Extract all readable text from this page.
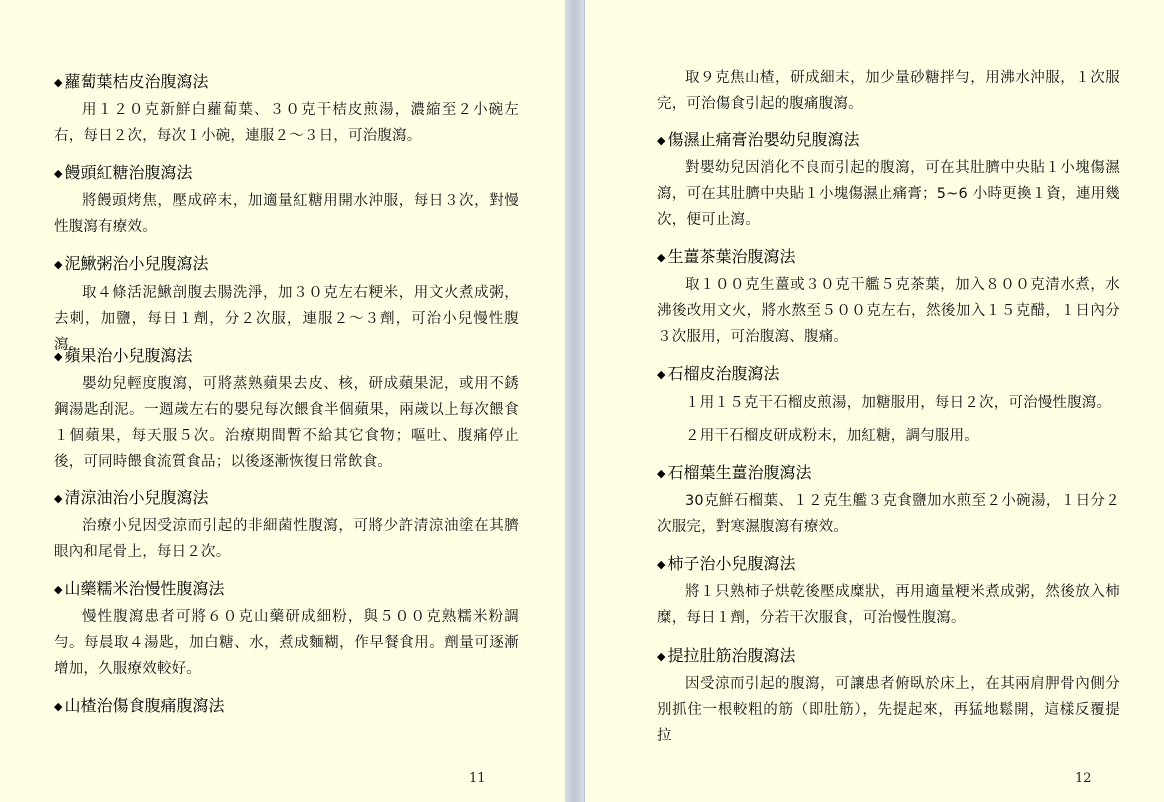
◆ 蘿蔔葉桔皮治腹瀉法

用１２０克新鮮白蘿蔔葉、３０克干桔皮煎湯，濃縮至２小碗左右，每日２次，每次１小碗，連服２～３日，可治腹瀉。

◆ 饅頭紅糖治腹瀉法

將饅頭烤焦，壓成碎末，加適量紅糖用開水沖服，每日３次，對慢性腹瀉有療效。

◆ 泥鰍粥治小兒腹瀉法

取４條活泥鰍剖腹去腸洗淨，加３０克左右粳米，用文火煮成粥，去刺，加鹽，每日１劑，分２次服，連服２～３劑，可治小兒慢性腹瀉。

◆ 蘋果治小兒腹瀉法

嬰幼兒輕度腹瀉，可將蒸熟蘋果去皮、核，研成蘋果泥，或用不銹鋼湯匙刮泥。一週歲左右的嬰兒每次餵食半個蘋果，兩歲以上每次餵食１個蘋果，每天服５次。治療期間暫不給其它食物；嘔吐、腹痛停止後，可同時餵食流質食品；以後逐漸恢復日常飲食。

◆ 清涼油治小兒腹瀉法

治療小兒因受涼而引起的非細菌性腹瀉，可將少許清涼油塗在其臍眼內和尾骨上，每日２次。

◆ 山藥糯米治慢性腹瀉法

慢性腹瀉患者可將６０克山藥研成細粉，與５００克熟糯米粉調勻。每晨取４湯匙，加白糖、水，煮成麵糊，作早餐食用。劑量可逐漸增加，久服療效較好。

◆ 山楂治傷食腹痛腹瀉法
11

取９克焦山楂，研成細末，加少量砂糖拌勻，用沸水沖服，１次服完，可治傷食引起的腹痛腹瀉。

◆ 傷濕止痛膏治嬰幼兒腹瀉法

對嬰幼兒因消化不良而引起的腹瀉，可在其肚臍中央貼１小塊傷濕瀉，可在其肚臍中央貼１小塊傷濕止痛膏；5~6 小時更換１資，連用幾次，便可止瀉。

◆ 生薑茶葉治腹瀉法

取１００克生薑或３０克干艦５克茶葉，加入８００克清水煮，水沸後改用文火，將水熬至５００克左右，然後加入１５克醋，１日內分３次服用，可治腹瀉、腹痛。

◆ 石榴皮治腹瀉法

１用１５克干石榴皮煎湯，加糖服用，每日２次，可治慢性腹瀉。

２用干石榴皮研成粉末，加紅糖，調勻服用。

◆ 石榴葉生薑治腹瀉法

30克鮮石榴葉、１２克生艦３克食鹽加水煎至２小碗湯，１日分２次服完，對寒濕腹瀉有療效。

◆ 柿子治小兒腹瀉法

將１只熟柿子烘乾後壓成糜狀，再用適量粳米煮成粥，然後放入柿糜，每日１劑，分若干次服食，可治慢性腹瀉。

◆ 提拉肚筋治腹瀉法

因受涼而引起的腹瀉，可讓患者俯臥於床上，在其兩肩胛骨內側分別抓住一根較粗的筋（即肚筋），先提起來，再猛地鬆開，這樣反覆提拉

12
